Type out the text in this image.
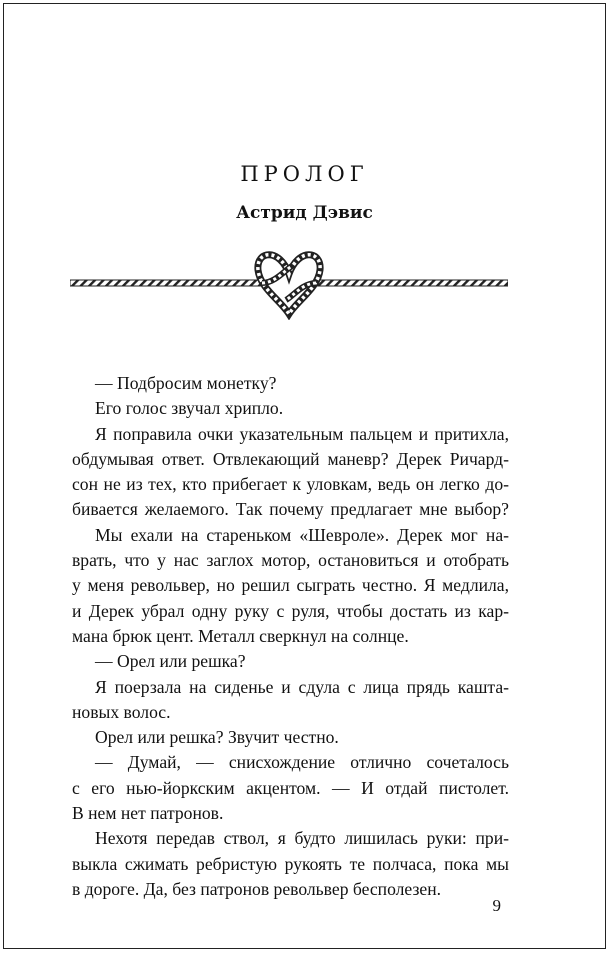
ПРОЛОГ
Астрид Дэвис
— Подбросим монетку?
Его голос звучал хрипло.
Я поправила очки указательным пальцем и притихла,
обдумывая ответ. Отвлекающий маневр? Дерек Ричард-
сон не из тех, кто прибегает к уловкам, ведь он легко до-
бивается желаемого. Так почему предлагает мне выбор?
Мы ехали на стареньком «Шевроле». Дерек мог на-
врать, что у нас заглох мотор, остановиться и отобрать
у меня револьвер, но решил сыграть честно. Я медлила,
и Дерек убрал одну руку с руля, чтобы достать из кар-
мана брюк цент. Металл сверкнул на солнце.
— Орел или решка?
Я поерзала на сиденье и сдула с лица прядь кашта-
новых волос.
Орел или решка? Звучит честно.
— Думай, — снисхождение отлично сочеталось
с его нью-йоркским акцентом. — И отдай пистолет.
В нем нет патронов.
Нехотя передав ствол, я будто лишилась руки: при-
выкла сжимать ребристую рукоять те полчаса, пока мы
в дороге. Да, без патронов револьвер бесполезен.
9
